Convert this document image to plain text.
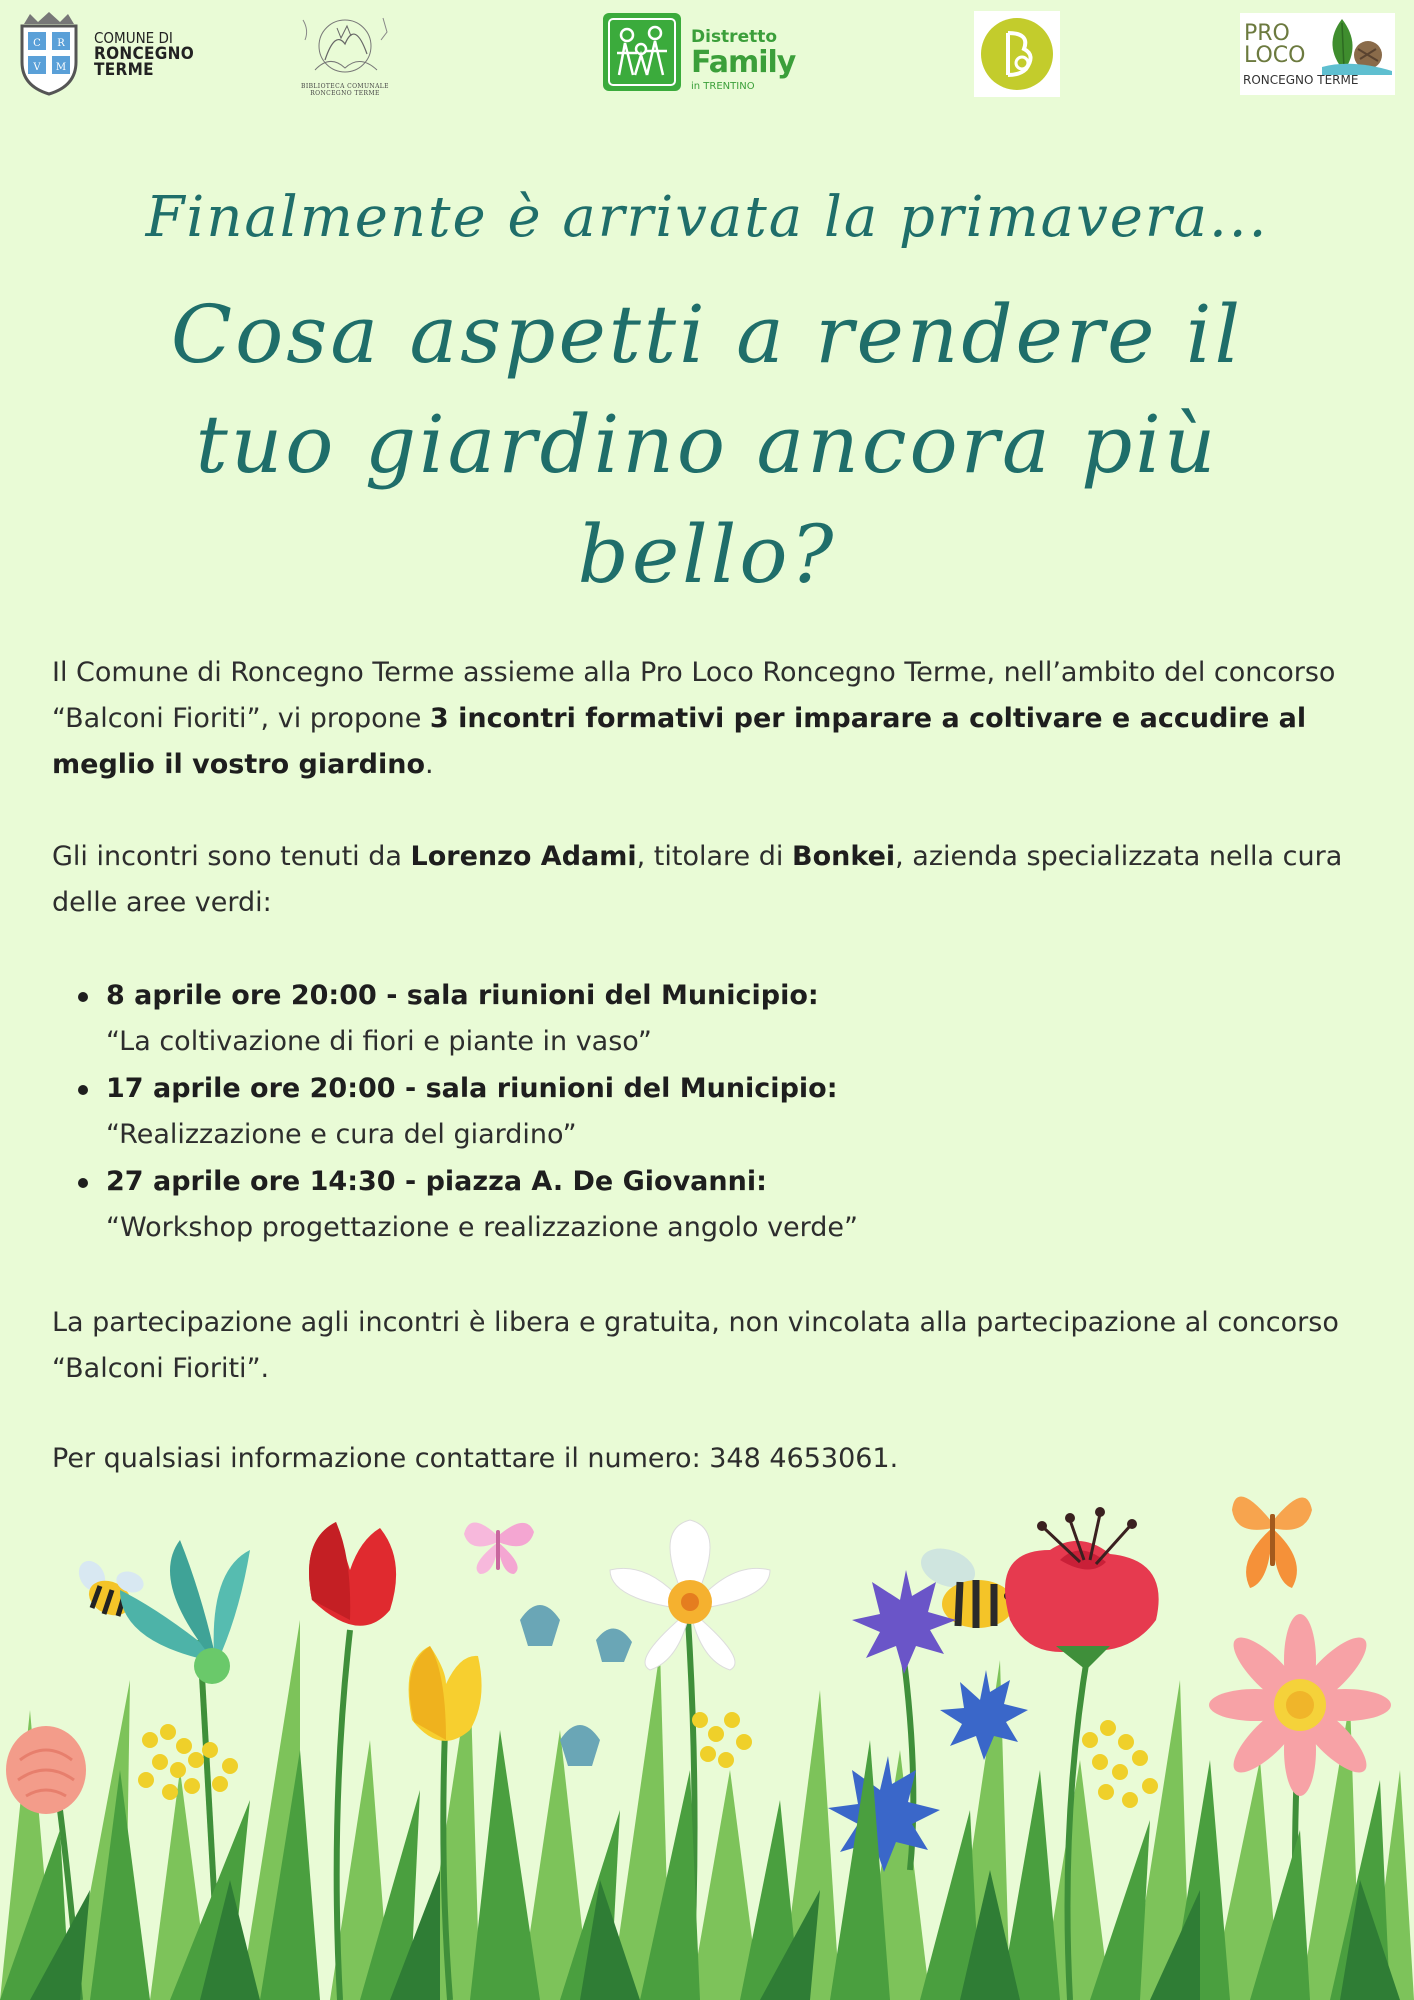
C R
V M
COMUNE DI
RONCEGNO
TERME
BIBLIOTECA COMUNALE
RONCEGNO TERME
Distretto
Family
in TRENTINO
PRO
LOCO
RONCEGNO TERME
Finalmente è arrivata la primavera...
Cosa aspetti a rendere il tuo giardino ancora più bello?

Il Comune di Roncegno Terme assieme alla Pro Loco Roncegno Terme, nell’ambito del concorso “Balconi Fioriti”, vi propone 3 incontri formativi per imparare a coltivare e accudire al meglio il vostro giardino.

Gli incontri sono tenuti da Lorenzo Adami, titolare di Bonkei, azienda specializzata nella cura delle aree verdi:

8 aprile ore 20:00 - sala riunioni del Municipio:
“La coltivazione di fiori e piante in vaso”
17 aprile ore 20:00 - sala riunioni del Municipio:
“Realizzazione e cura del giardino”
27 aprile ore 14:30 - piazza A. De Giovanni:
“Workshop progettazione e realizzazione angolo verde”

La partecipazione agli incontri è libera e gratuita, non vincolata alla partecipazione al concorso “Balconi Fioriti”.

Per qualsiasi informazione contattare il numero: 348 4653061.
